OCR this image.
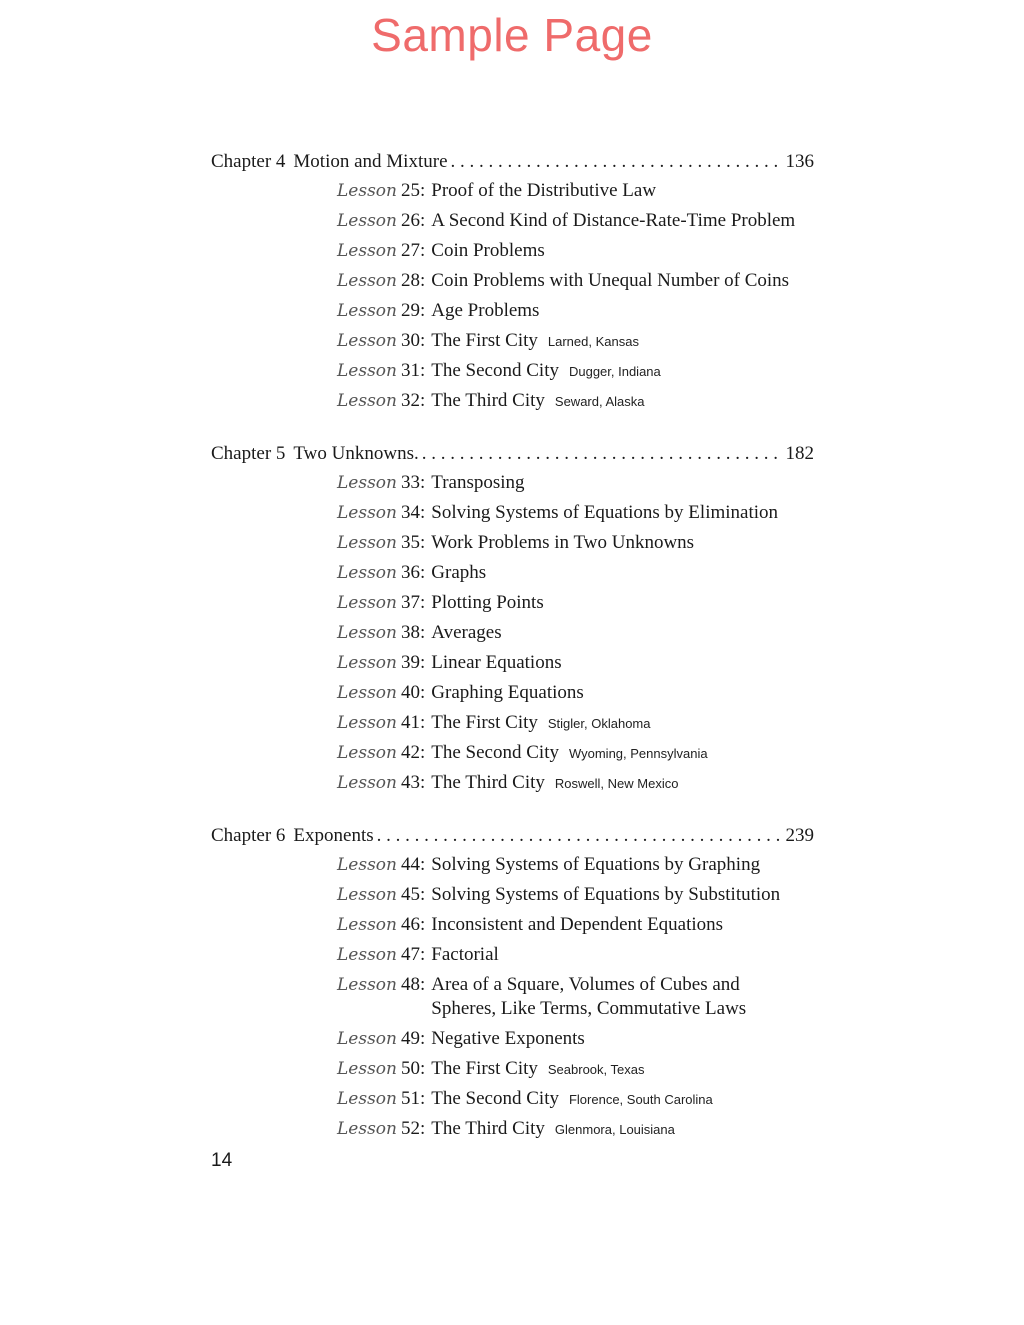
Sample Page
Chapter 4 Motion and Mixture . . .	136
Lesson 25 : Proof of the Distributive Law
Lesson 26 : A Second Kind of Distance-Rate-Time Problem
Lesson 27 : Coin Problems
Lesson 28 : Coin Problems with Unequal Number of Coins
Lesson 29 : Age Problems
Lesson 30 : The First City Larned, Kansas
Lesson 31 : The Second City Dugger, Indiana
Lesson 32 : The Third City Seward, Alaska
Chapter 5 Two Unknowns. . . .	182
Lesson 33 : Transposing
Lesson 34 : Solving Systems of Equations by Elimination
Lesson 35 : Work Problems in Two Unknowns
Lesson 36 : Graphs
Lesson 37 : Plotting Points
Lesson 38 : Averages
Lesson 39 : Linear Equations
Lesson 40 : Graphing Equations
Lesson 41 : The First City Stigler, Oklahoma
Lesson 42 : The Second City Wyoming, Pennsylvania
Lesson 43 : The Third City Roswell, New Mexico
Chapter 6 Exponents . . .	239
Lesson 44 : Solving Systems of Equations by Graphing
Lesson 45 : Solving Systems of Equations by Substitution
Lesson 46 : Inconsistent and Dependent Equations
Lesson 47 : Factorial
Lesson 48 : Area of a Square, Volumes of Cubes and Spheres, Like Terms, Commutative Laws
Lesson 49 : Negative Exponents
Lesson 50 : The First City Seabrook, Texas
Lesson 51 : The Second City Florence, South Carolina
Lesson 52 : The Third City Glenmora, Louisiana
14
